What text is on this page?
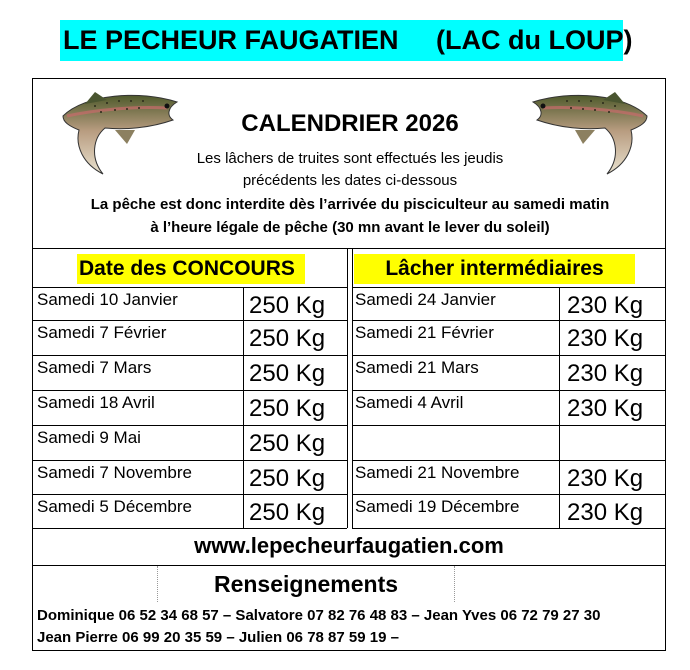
LE PECHEUR FAUGATIEN     (LAC du LOUP)
CALENDRIER 2026
Les lâchers de truites sont effectués les jeudis
précédents les dates ci-dessous
La pêche est donc interdite dès l’arrivée du pisciculteur au samedi matin
à l’heure légale de pêche (30 mn avant le lever du soleil)
Date des CONCOURS	Lâcher intermédiaires
Samedi 10 Janvier	250 Kg Samedi 24 Janvier	230 Kg
Samedi 7 Février	250 Kg Samedi 21 Février	230 Kg
Samedi 7 Mars	250 Kg Samedi 21 Mars	230 Kg
Samedi 18 Avril	250 Kg Samedi 4 Avril	230 Kg
Samedi 9 Mai	250 Kg
Samedi 7 Novembre 250 Kg Samedi 21 Novembre 230 Kg
Samedi 5 Décembre 250 Kg Samedi 19 Décembre 230 Kg
www.lepecheurfaugatien.com
Renseignements
Dominique 06 52 34 68 57 – Salvatore 07 82 76 48 83 – Jean Yves 06 72 79 27 30
Jean Pierre 06 99 20 35 59 – Julien 06 78 87 59 19 –
